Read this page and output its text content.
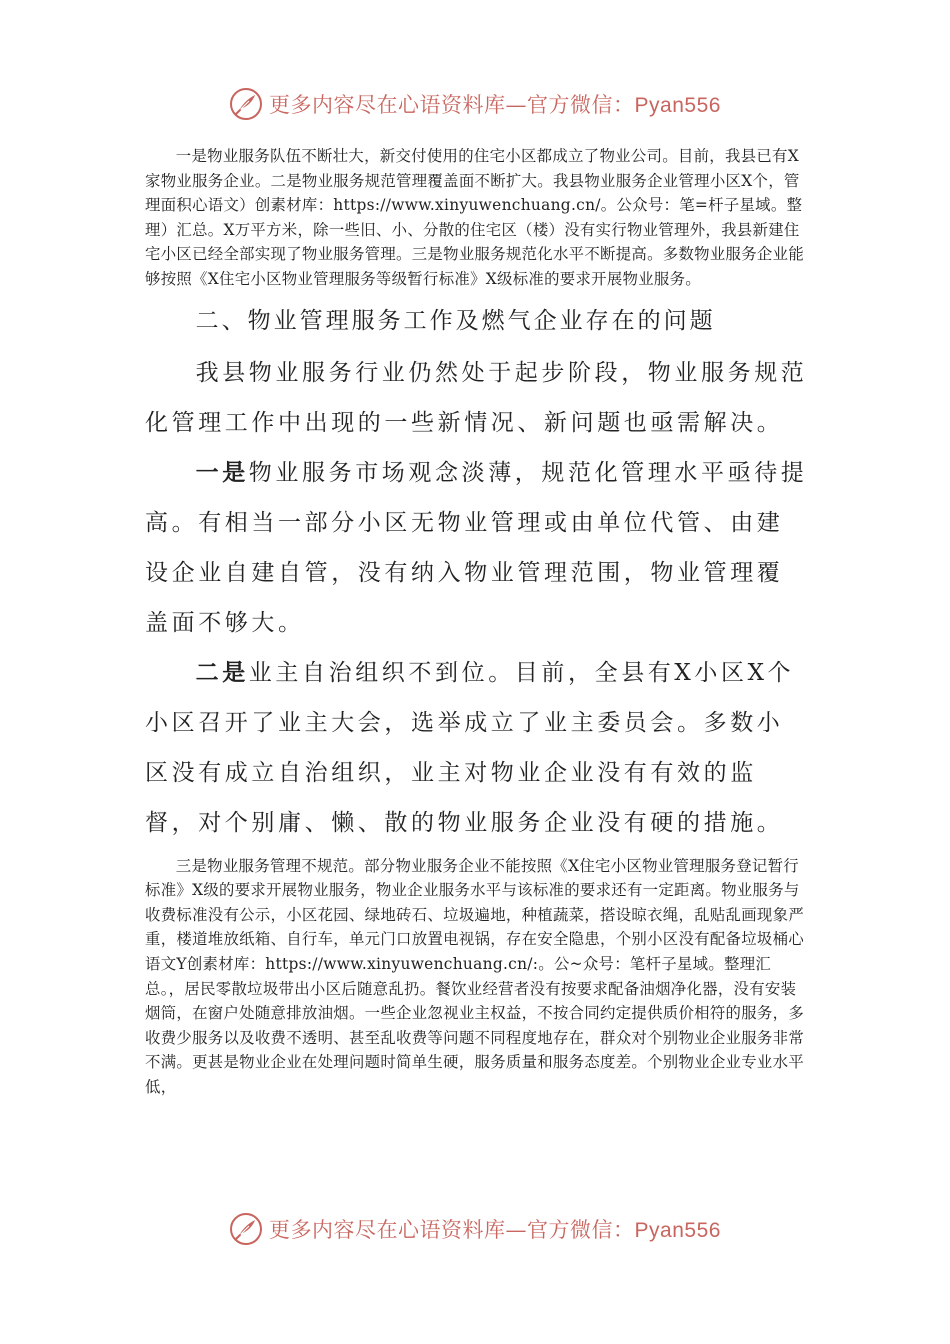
更多内容尽在心语资料库—官方微信：Pyan556

一是物业服务队伍不断壮大，新交付使用的住宅小区都成立了物业公司。目前，我县已有X家物业服务企业。二是物业服务规范管理覆盖面不断扩大。我县物业服务企业管理小区X个，管理面积心语文）创素材库：https://www.xinyuwenchuang.cn/。公众号：笔=杆子星域。整理）汇总。X万平方米，除一些旧、小、分散的住宅区（楼）没有实行物业管理外，我县新建住宅小区已经全部实现了物业服务管理。三是物业服务规范化水平不断提高。多数物业服务企业能够按照《X住宅小区物业管理服务等级暂行标准》X级标准的要求开展物业服务。

二、物业管理服务工作及燃气企业存在的问题

我县物业服务行业仍然处于起步阶段，物业服务规范化管理工作中出现的一些新情况、新问题也亟需解决。

一是物业服务市场观念淡薄，规范化管理水平亟待提高。有相当一部分小区无物业管理或由单位代管、由建设企业自建自管，没有纳入物业管理范围，物业管理覆盖面不够大。

二是业主自治组织不到位。目前，全县有X小区X个小区召开了业主大会，选举成立了业主委员会。多数小区没有成立自治组织，业主对物业企业没有有效的监督，对个别庸、懒、散的物业服务企业没有硬的措施。

三是物业服务管理不规范。部分物业服务企业不能按照《X住宅小区物业管理服务登记暂行标准》X级的要求开展物业服务，物业企业服务水平与该标准的要求还有一定距离。物业服务与收费标准没有公示，小区花园、绿地砖石、垃圾遍地，种植蔬菜，搭设晾衣绳，乱贴乱画现象严重，楼道堆放纸箱、自行车，单元门口放置电视锅，存在安全隐患，个别小区没有配备垃圾桶心语文Y创素材库：https://www.xinyuwenchuang.cn/:。公~众号：笔杆子星域。整理汇总。，居民零散垃圾带出小区后随意乱扔。餐饮业经营者没有按要求配备油烟净化器，没有安装烟筒，在窗户处随意排放油烟。一些企业忽视业主权益，不按合同约定提供质价相符的服务，多收费少服务以及收费不透明、甚至乱收费等问题不同程度地存在，群众对个别物业企业服务非常不满。更甚是物业企业在处理问题时简单生硬，服务质量和服务态度差。个别物业企业专业水平低，

更多内容尽在心语资料库—官方微信：Pyan556
